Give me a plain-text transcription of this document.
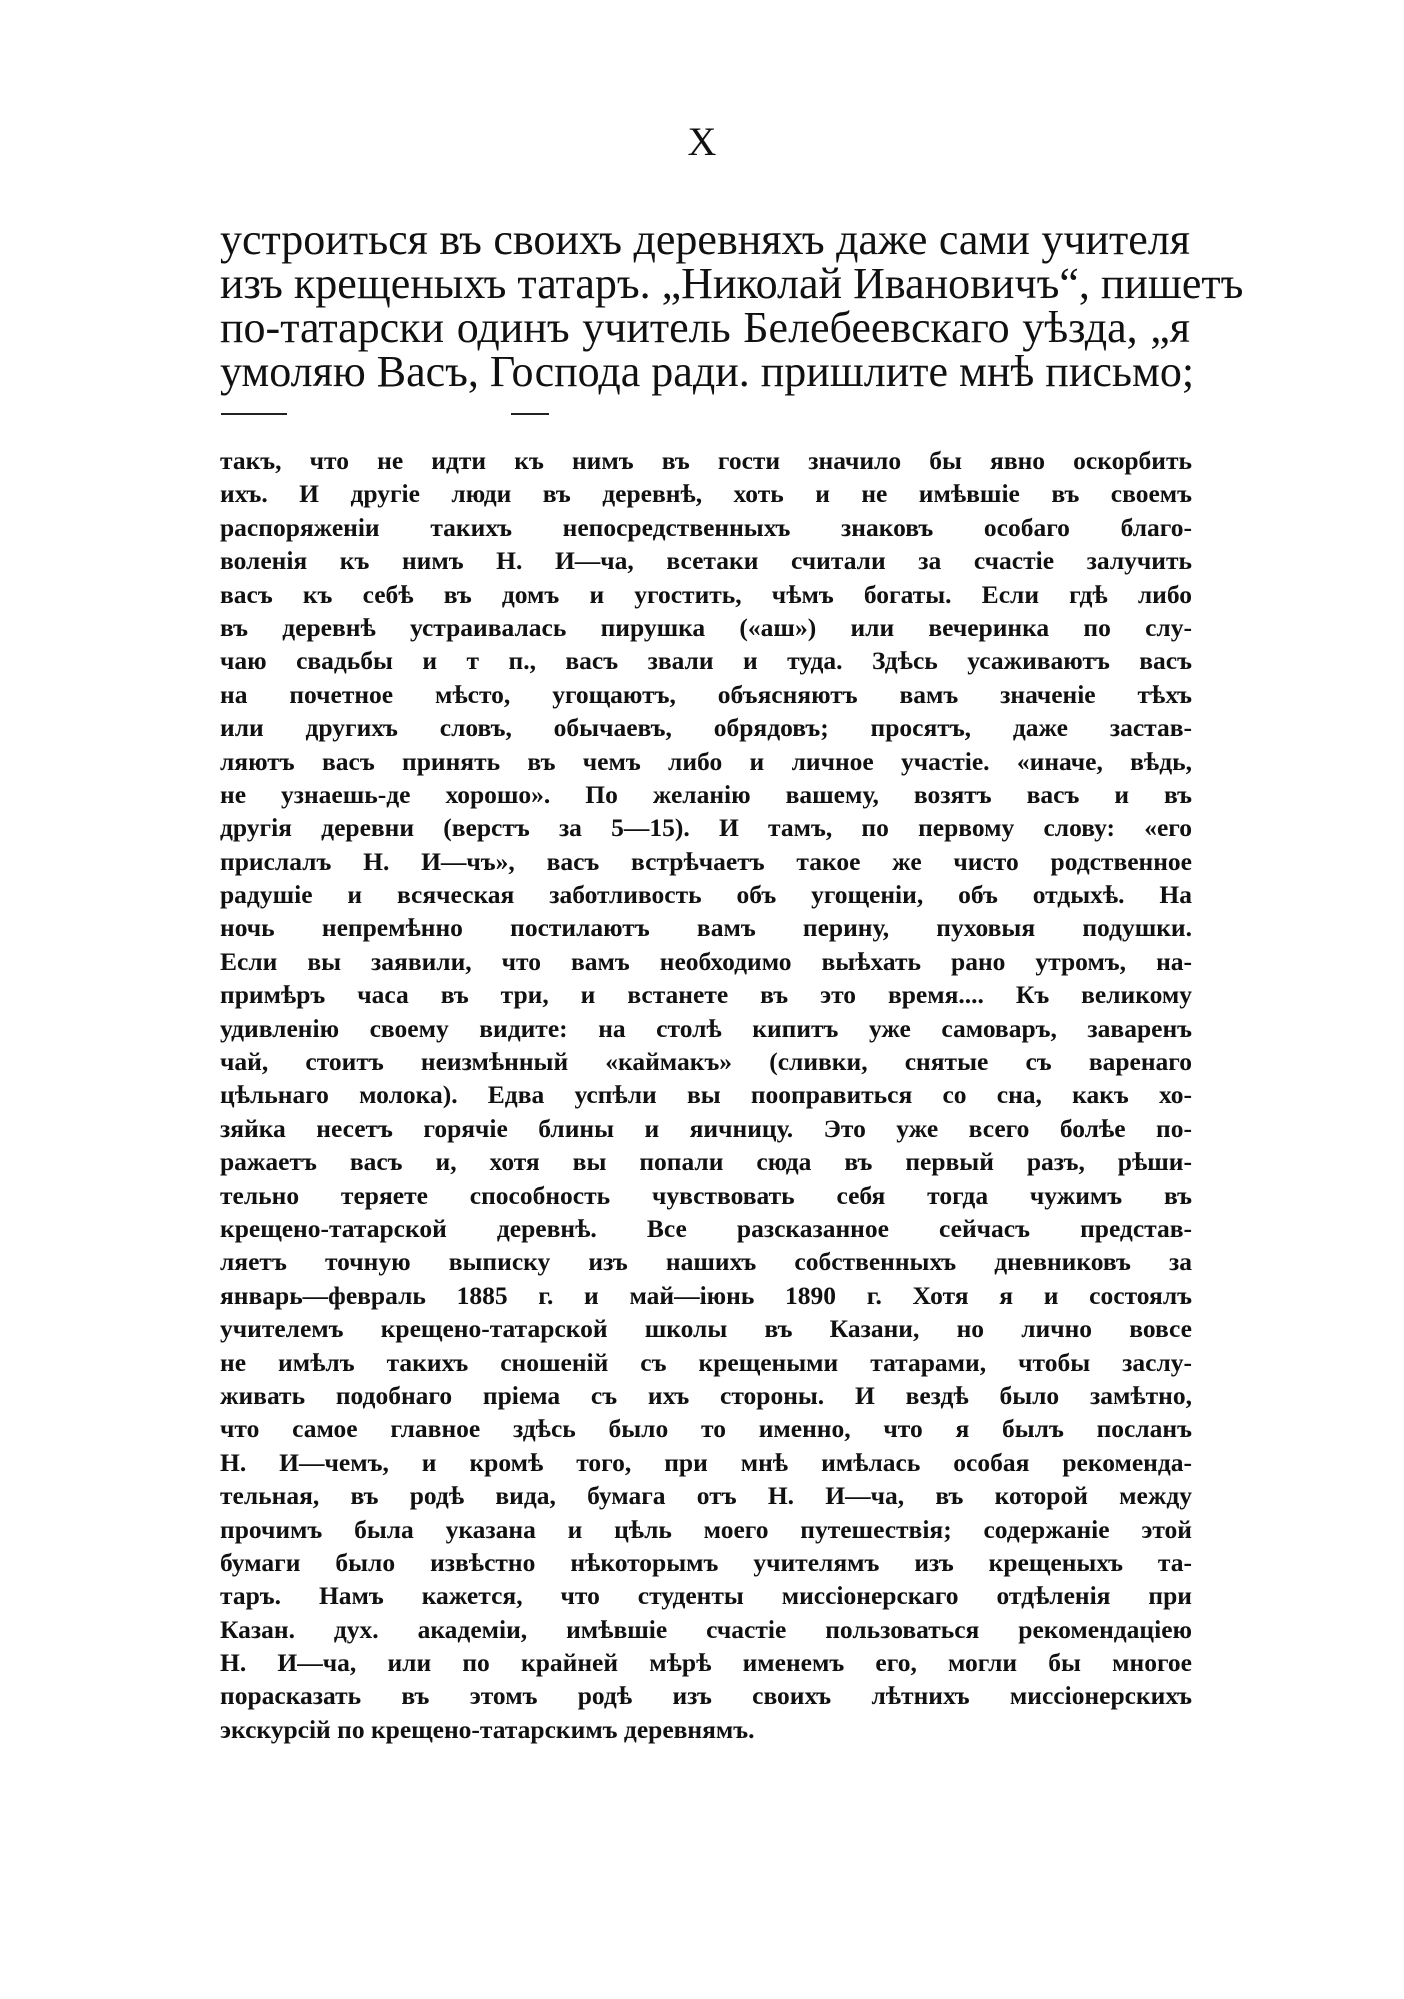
X
устроиться въ своихъ деревняхъ даже сами учителя
изъ крещеныхъ татаръ. „Николай Ивановичъ“, пишетъ
по-татарски одинъ учитель Белебеевскаго уѣзда, „я
умоляю Васъ, Господа ради. пришлите мнѣ письмо;
такъ, что не идти къ нимъ въ гости значило бы явно оскорбить
ихъ. И другіе люди въ деревнѣ, хоть и не имѣвшіе въ своемъ
распоряженіи такихъ непосредственныхъ знаковъ особаго благо-
воленія къ нимъ Н. И—ча, всетаки считали за счастіе залучить
васъ къ себѣ въ домъ и угостить, чѣмъ богаты. Если гдѣ либо
въ деревнѣ устраивалась пирушка («аш») или вечеринка по слу-
чаю свадьбы и т п., васъ звали и туда. Здѣсь усаживаютъ васъ
на почетное мѣсто, угощаютъ, объясняютъ вамъ значеніе тѣхъ
или другихъ словъ, обычаевъ, обрядовъ; просятъ, даже застав-
ляютъ васъ принять въ чемъ либо и личное участіе. «иначе, вѣдь,
не узнаешь-де хорошо». По желанію вашему, возятъ васъ и въ
другія деревни (верстъ за 5—15). И тамъ, по первому слову: «его
прислалъ Н. И—чъ», васъ встрѣчаетъ такое же чисто родственное
радушіе и всяческая заботливость объ угощеніи, объ отдыхѣ. На
ночь непремѣнно постилаютъ вамъ перину, пуховыя подушки.
Если вы заявили, что вамъ необходимо выѣхать рано утромъ, на-
примѣръ часа въ три, и встанете въ это время.... Къ великому
удивленію своему видите: на столѣ кипитъ уже самоваръ, заваренъ
чай, стоитъ неизмѣнный «каймакъ» (сливки, снятые съ варенаго
цѣльнаго молока). Едва успѣли вы пооправиться со сна, какъ хо-
зяйка несетъ горячіе блины и яичницу. Это уже всего болѣе по-
ражаетъ васъ и, хотя вы попали сюда въ первый разъ, рѣши-
тельно теряете способность чувствовать себя тогда чужимъ въ
крещено-татарской деревнѣ. Все разсказанное сейчасъ представ-
ляетъ точную выписку изъ нашихъ собственныхъ дневниковъ за
январь—февраль 1885 г. и май—іюнь 1890 г. Хотя я и состоялъ
учителемъ крещено-татарской школы въ Казани, но лично вовсе
не имѣлъ такихъ сношеній съ крещеными татарами, чтобы заслу-
живать подобнаго пріема съ ихъ стороны. И вездѣ было замѣтно,
что самое главное здѣсь было то именно, что я былъ посланъ
Н. И—чемъ, и кромѣ того, при мнѣ имѣлась особая рекоменда-
тельная, въ родѣ вида, бумага отъ Н. И—ча, въ которой между
прочимъ была указана и цѣль моего путешествія; содержаніе этой
бумаги было извѣстно нѣкоторымъ учителямъ изъ крещеныхъ та-
таръ. Намъ кажется, что студенты миссіонерскаго отдѣленія при
Казан. дух. академіи, имѣвшіе счастіе пользоваться рекомендаціею
Н. И—ча, или по крайней мѣрѣ именемъ его, могли бы многое
порасказать въ этомъ родѣ изъ своихъ лѣтнихъ миссіонерскихъ
экскурсій по крещено-татарскимъ деревнямъ.
